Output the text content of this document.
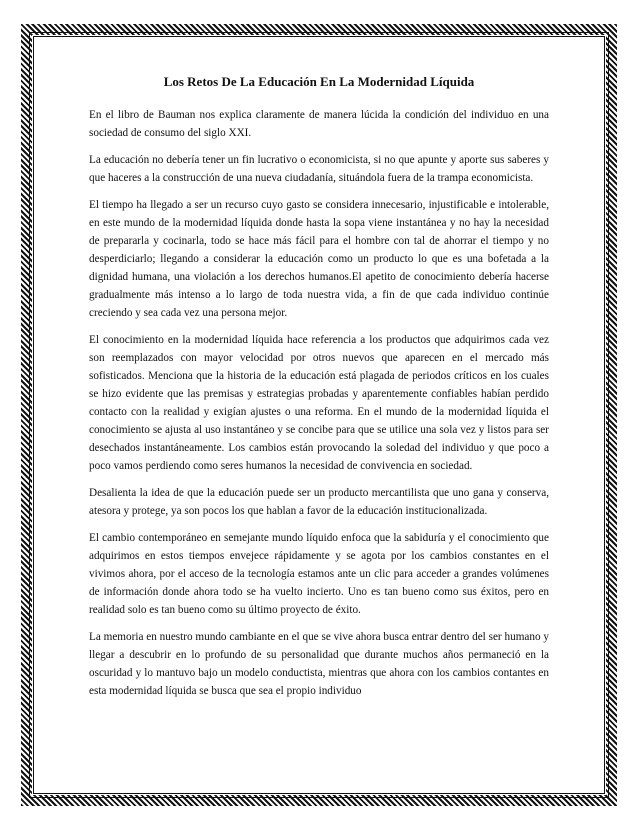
Los Retos De La Educación En La Modernidad Líquida

En el libro de Bauman nos explica claramente de manera lúcida la condición del individuo en una sociedad de consumo del siglo XXI.

La educación no debería tener un fin lucrativo o economicista, si no que apunte y aporte sus saberes y que haceres a la construcción de una nueva ciudadanía, situándola fuera de la trampa economicista.

El tiempo ha llegado a ser un recurso cuyo gasto se considera innecesario, injustificable e intolerable, en este mundo de la modernidad líquida donde hasta la sopa viene instantánea y no hay la necesidad de prepararla y cocinarla, todo se hace más fácil para el hombre con tal de ahorrar el tiempo y no desperdiciarlo; llegando a considerar la educación como un producto lo que es una bofetada a la dignidad humana, una violación a los derechos humanos.El apetito de conocimiento debería hacerse gradualmente más intenso a lo largo de toda nuestra vida, a fin de que cada individuo continúe creciendo y sea cada vez una persona mejor.

El conocimiento en la modernidad líquida hace referencia a los productos que adquirimos cada vez son reemplazados con mayor velocidad por otros nuevos que aparecen en el mercado más sofisticados. Menciona que la historia de la educación está plagada de periodos críticos en los cuales se hizo evidente que las premisas y estrategias probadas y aparentemente confiables habían perdido contacto con la realidad y exigían ajustes o una reforma. En el mundo de la modernidad líquida el conocimiento se ajusta al uso instantáneo y se concibe para que se utilice una sola vez y listos para ser desechados instantáneamente. Los cambios están provocando la soledad del individuo y que poco a poco vamos perdiendo como seres humanos la necesidad de convivencia en sociedad.

Desalienta la idea de que la educación puede ser un producto mercantilista que uno gana y conserva, atesora y protege, ya son pocos los que hablan a favor de la educación institucionalizada.

El cambio contemporáneo en semejante mundo líquido enfoca que la sabiduría y el conocimiento que adquirimos en estos tiempos envejece rápidamente y se agota por los cambios constantes en el vivimos ahora, por el acceso de la tecnología estamos ante un clic para acceder a grandes volúmenes de información donde ahora todo se ha vuelto incierto. Uno es tan bueno como sus éxitos, pero en realidad solo es tan bueno como su último proyecto de éxito.

La memoria en nuestro mundo cambiante en el que se vive ahora busca entrar dentro del ser humano y llegar a descubrir en lo profundo de su personalidad que durante muchos años permaneció en la oscuridad y lo mantuvo bajo un modelo conductista, mientras que ahora con los cambios contantes en esta modernidad líquida se busca que sea el propio individuo
